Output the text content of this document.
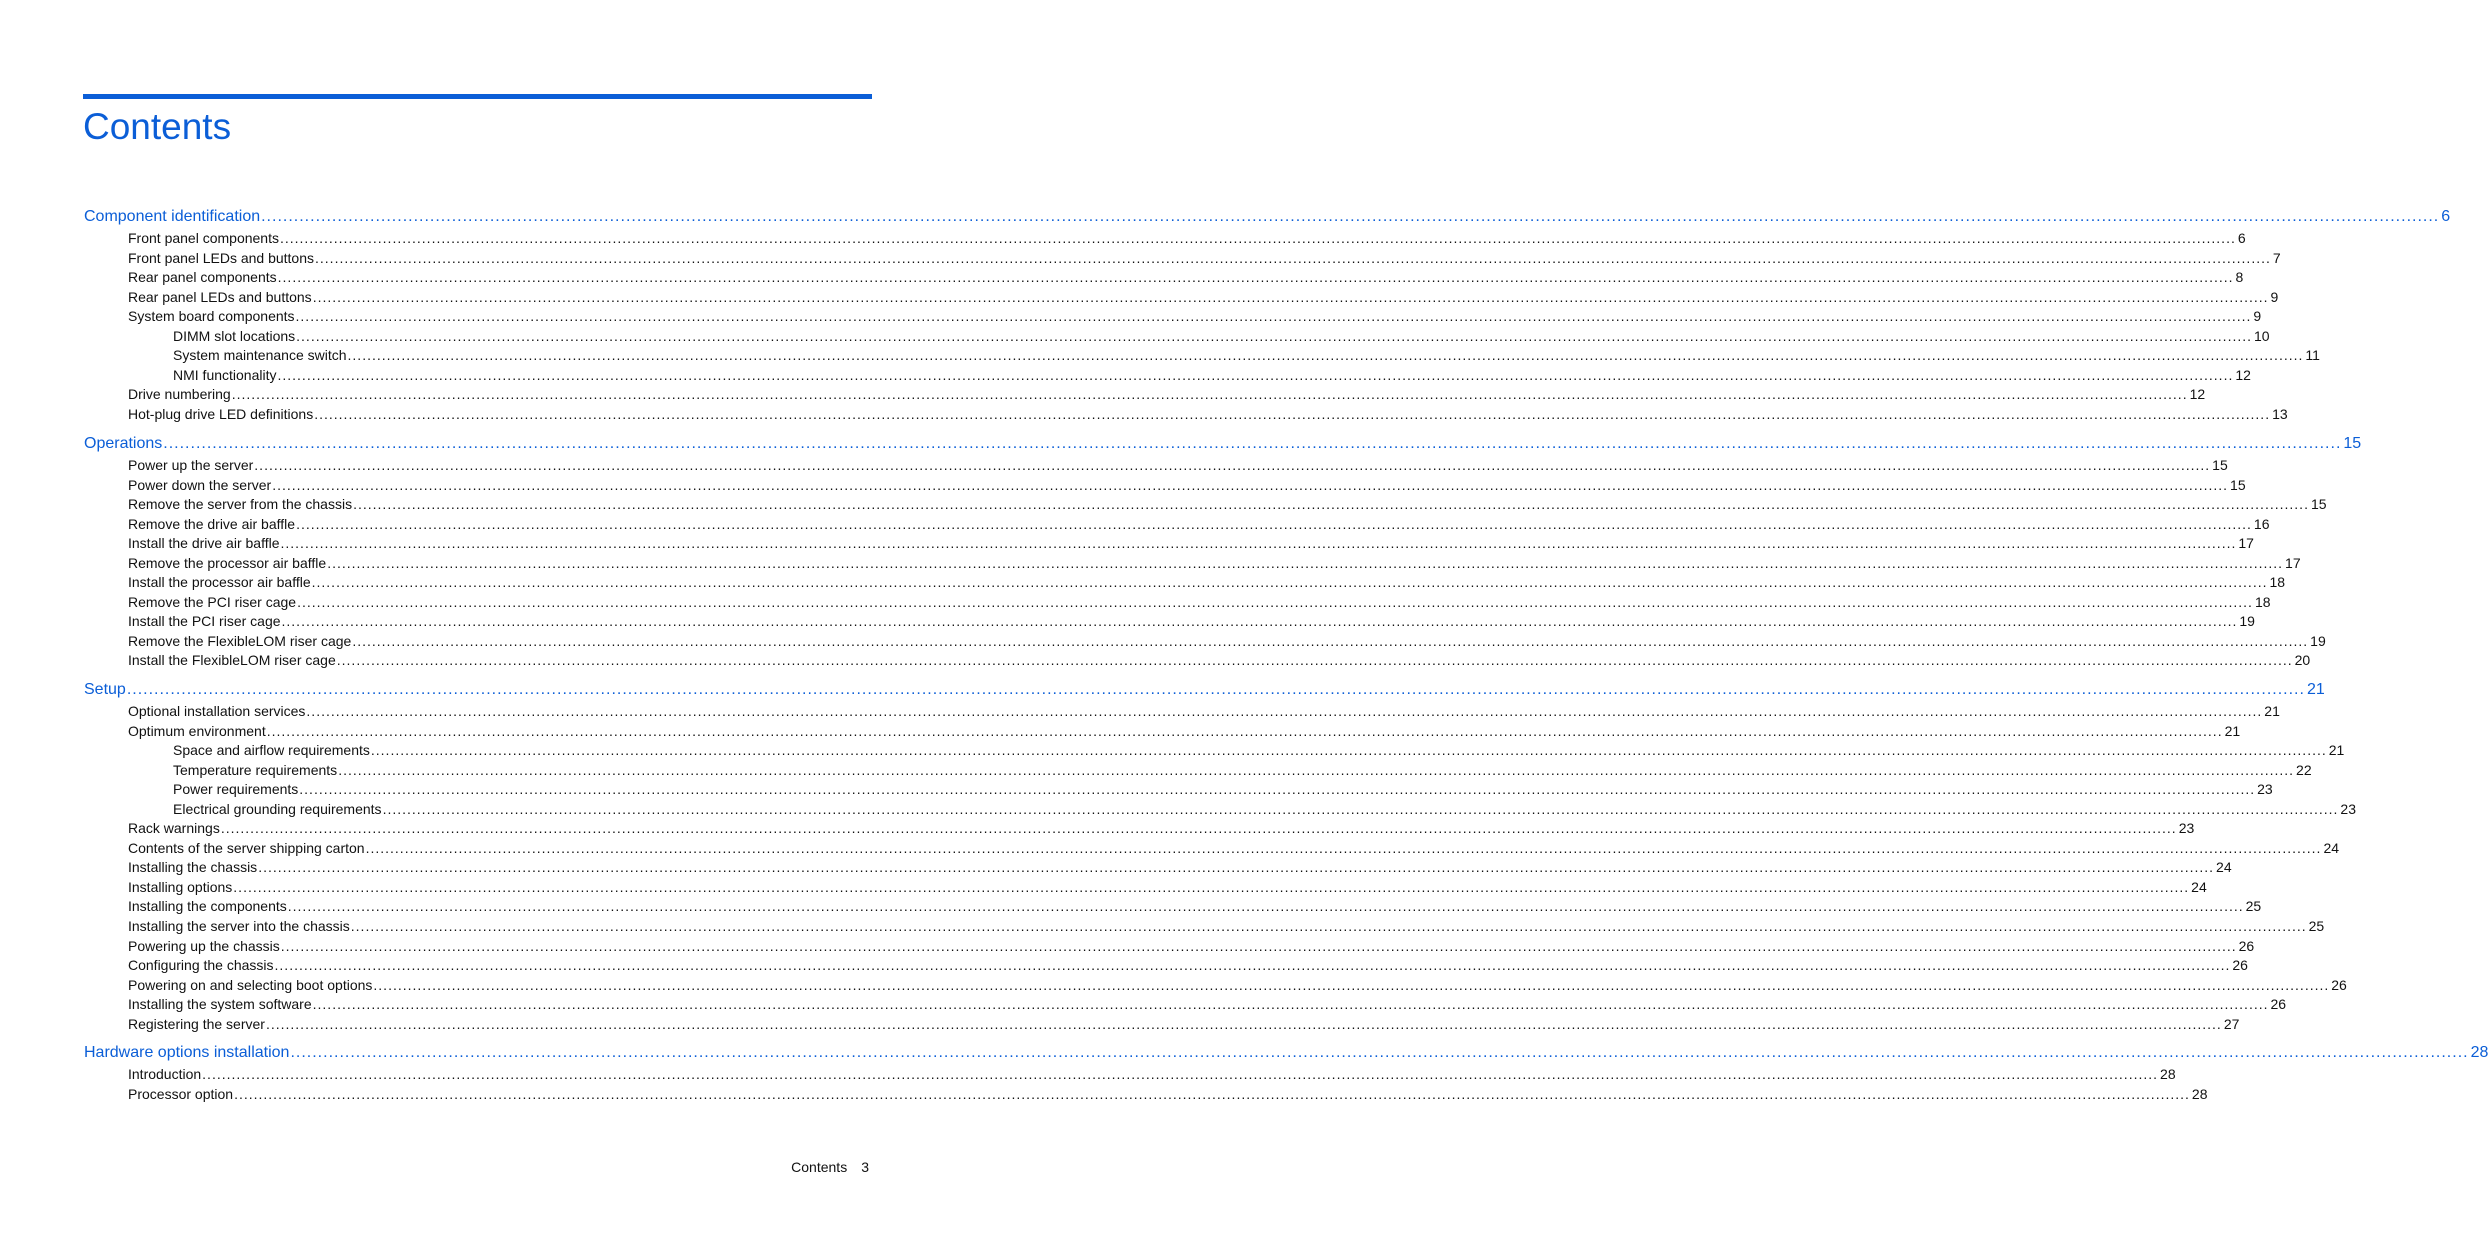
Contents
Component identification ................................................................................................................................................................................................................................................................................................................................................................................................................ 6
Front panel components ................................................................................................................................................................................................................................................................................................................................................................................................................ 6
Front panel LEDs and buttons ................................................................................................................................................................................................................................................................................................................................................................................................................ 7
Rear panel components ................................................................................................................................................................................................................................................................................................................................................................................................................ 8
Rear panel LEDs and buttons ................................................................................................................................................................................................................................................................................................................................................................................................................ 9
System board components ................................................................................................................................................................................................................................................................................................................................................................................................................ 9
DIMM slot locations ................................................................................................................................................................................................................................................................................................................................................................................................................ 10
System maintenance switch ................................................................................................................................................................................................................................................................................................................................................................................................................ 11
NMI functionality ................................................................................................................................................................................................................................................................................................................................................................................................................ 12
Drive numbering ................................................................................................................................................................................................................................................................................................................................................................................................................ 12
Hot-plug drive LED definitions ................................................................................................................................................................................................................................................................................................................................................................................................................ 13
Operations ................................................................................................................................................................................................................................................................................................................................................................................................................ 15
Power up the server ................................................................................................................................................................................................................................................................................................................................................................................................................ 15
Power down the server ................................................................................................................................................................................................................................................................................................................................................................................................................ 15
Remove the server from the chassis ................................................................................................................................................................................................................................................................................................................................................................................................................ 15
Remove the drive air baffle ................................................................................................................................................................................................................................................................................................................................................................................................................ 16
Install the drive air baffle ................................................................................................................................................................................................................................................................................................................................................................................................................ 17
Remove the processor air baffle ................................................................................................................................................................................................................................................................................................................................................................................................................ 17
Install the processor air baffle ................................................................................................................................................................................................................................................................................................................................................................................................................ 18
Remove the PCI riser cage ................................................................................................................................................................................................................................................................................................................................................................................................................ 18
Install the PCI riser cage ................................................................................................................................................................................................................................................................................................................................................................................................................ 19
Remove the FlexibleLOM riser cage ................................................................................................................................................................................................................................................................................................................................................................................................................ 19
Install the FlexibleLOM riser cage ................................................................................................................................................................................................................................................................................................................................................................................................................ 20
Setup ................................................................................................................................................................................................................................................................................................................................................................................................................ 21
Optional installation services ................................................................................................................................................................................................................................................................................................................................................................................................................ 21
Optimum environment ................................................................................................................................................................................................................................................................................................................................................................................................................ 21
Space and airflow requirements ................................................................................................................................................................................................................................................................................................................................................................................................................ 21
Temperature requirements ................................................................................................................................................................................................................................................................................................................................................................................................................ 22
Power requirements ................................................................................................................................................................................................................................................................................................................................................................................................................ 23
Electrical grounding requirements ................................................................................................................................................................................................................................................................................................................................................................................................................ 23
Rack warnings ................................................................................................................................................................................................................................................................................................................................................................................................................ 23
Contents of the server shipping carton ................................................................................................................................................................................................................................................................................................................................................................................................................ 24
Installing the chassis ................................................................................................................................................................................................................................................................................................................................................................................................................ 24
Installing options ................................................................................................................................................................................................................................................................................................................................................................................................................ 24
Installing the components ................................................................................................................................................................................................................................................................................................................................................................................................................ 25
Installing the server into the chassis ................................................................................................................................................................................................................................................................................................................................................................................................................ 25
Powering up the chassis ................................................................................................................................................................................................................................................................................................................................................................................................................ 26
Configuring the chassis ................................................................................................................................................................................................................................................................................................................................................................................................................ 26
Powering on and selecting boot options ................................................................................................................................................................................................................................................................................................................................................................................................................ 26
Installing the system software ................................................................................................................................................................................................................................................................................................................................................................................................................ 26
Registering the server ................................................................................................................................................................................................................................................................................................................................................................................................................ 27
Hardware options installation ................................................................................................................................................................................................................................................................................................................................................................................................................ 28
Introduction ................................................................................................................................................................................................................................................................................................................................................................................................................ 28
Processor option ................................................................................................................................................................................................................................................................................................................................................................................................................ 28
Contents 3
